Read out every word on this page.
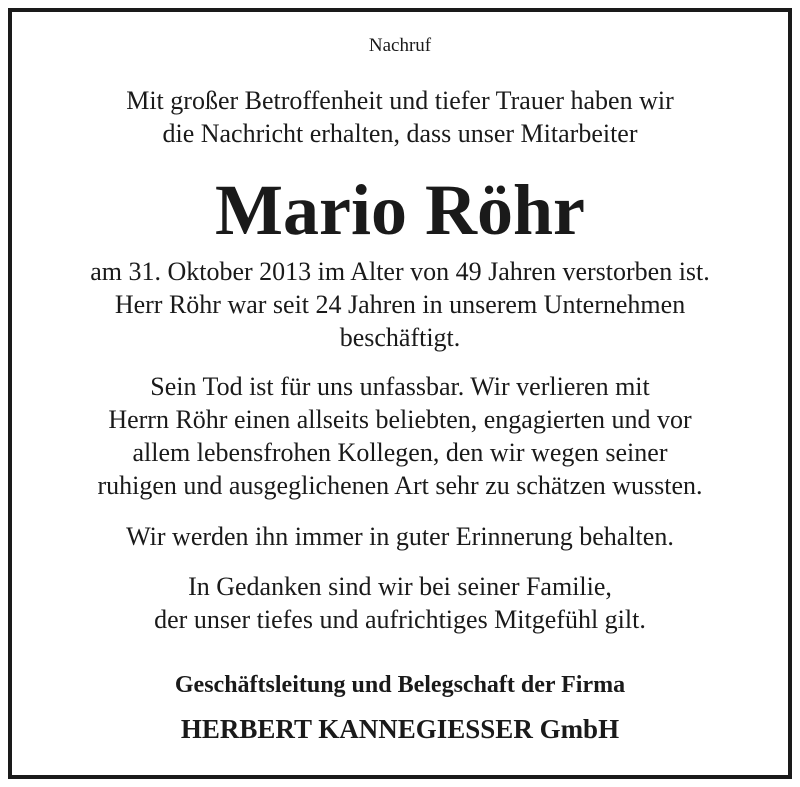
Nachruf
Mit großer Betroffenheit und tiefer Trauer haben wir
die Nachricht erhalten, dass unser Mitarbeiter
Mario Röhr
am 31. Oktober 2013 im Alter von 49 Jahren verstorben ist.
Herr Röhr war seit 24 Jahren in unserem Unternehmen
beschäftigt.
Sein Tod ist für uns unfassbar. Wir verlieren mit
Herrn Röhr einen allseits beliebten, engagierten und vor
allem lebensfrohen Kollegen, den wir wegen seiner
ruhigen und ausgeglichenen Art sehr zu schätzen wussten.
Wir werden ihn immer in guter Erinnerung behalten.
In Gedanken sind wir bei seiner Familie,
der unser tiefes und aufrichtiges Mitgefühl gilt.
Geschäftsleitung und Belegschaft der Firma
HERBERT KANNEGIESSER GmbH
